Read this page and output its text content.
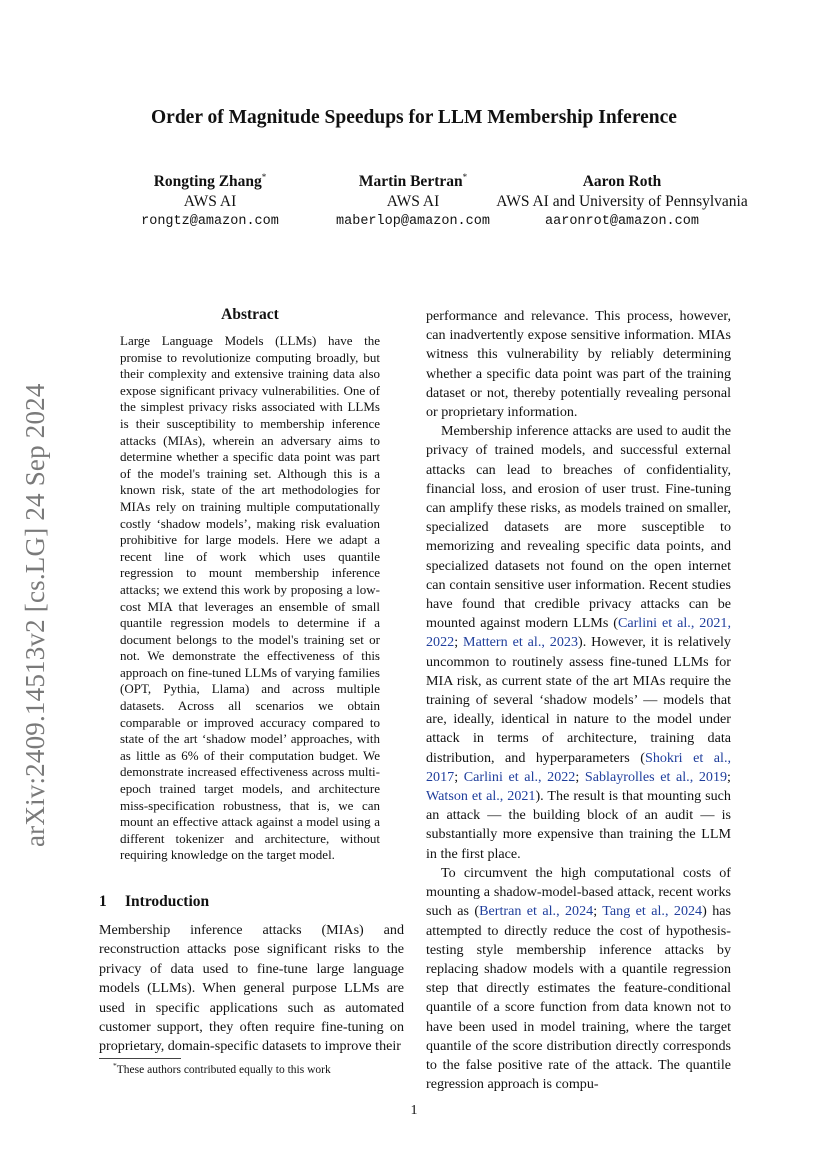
arXiv:2409.14513v2 [cs.LG] 24 Sep 2024
Order of Magnitude Speedups for LLM Membership Inference
Rongting Zhang*
AWS AI
rongtz@amazon.com
Martin Bertran*
AWS AI
maberlop@amazon.com
Aaron Roth
AWS AI and University of Pennsylvania
aaronrot@amazon.com
Abstract

Large Language Models (LLMs) have the promise to revolutionize computing broadly, but their complexity and extensive training data also expose significant privacy vulnerabilities. One of the simplest privacy risks associated with LLMs is their susceptibility to membership inference attacks (MIAs), wherein an adversary aims to determine whether a specific data point was part of the model's training set. Although this is a known risk, state of the art methodologies for MIAs rely on training multiple computationally costly ‘shadow models’, making risk evaluation prohibitive for large models. Here we adapt a recent line of work which uses quantile regression to mount membership inference attacks; we extend this work by proposing a low-cost MIA that leverages an ensemble of small quantile regression models to determine if a document belongs to the model's training set or not. We demonstrate the effectiveness of this approach on fine-tuned LLMs of varying families (OPT, Pythia, Llama) and across multiple datasets. Across all scenarios we obtain comparable or improved accuracy compared to state of the art ‘shadow model’ approaches, with as little as 6% of their computation budget. We demonstrate increased effectiveness across multi-epoch trained target models, and architecture miss-specification robustness, that is, we can mount an effective attack against a model using a different tokenizer and architecture, without requiring knowledge on the target model.

1 Introduction

Membership inference attacks (MIAs) and reconstruction attacks pose significant risks to the privacy of data used to fine-tune large language models (LLMs). When general purpose LLMs are used in specific applications such as automated customer support, they often require fine-tuning on proprietary, domain-specific datasets to improve their

*These authors contributed equally to this work

performance and relevance. This process, however, can inadvertently expose sensitive information. MIAs witness this vulnerability by reliably determining whether a specific data point was part of the training dataset or not, thereby potentially revealing personal or proprietary information.

Membership inference attacks are used to audit the privacy of trained models, and successful external attacks can lead to breaches of confidentiality, financial loss, and erosion of user trust. Fine-tuning can amplify these risks, as models trained on smaller, specialized datasets are more susceptible to memorizing and revealing specific data points, and specialized datasets not found on the open internet can contain sensitive user information. Recent studies have found that credible privacy attacks can be mounted against modern LLMs (Carlini et al., 2021, 2022; Mattern et al., 2023). However, it is relatively uncommon to routinely assess fine-tuned LLMs for MIA risk, as current state of the art MIAs require the training of several ‘shadow models’ — models that are, ideally, identical in nature to the model under attack in terms of architecture, training data distribution, and hyperparameters (Shokri et al., 2017; Carlini et al., 2022; Sablayrolles et al., 2019; Watson et al., 2021). The result is that mounting such an attack — the building block of an audit — is substantially more expensive than training the LLM in the first place.

To circumvent the high computational costs of mounting a shadow-model-based attack, recent works such as (Bertran et al., 2024; Tang et al., 2024) has attempted to directly reduce the cost of hypothesis-testing style membership inference attacks by replacing shadow models with a quantile regression step that directly estimates the feature-conditional quantile of a score function from data known not to have been used in model training, where the target quantile of the score distribution directly corresponds to the false positive rate of the attack. The quantile regression approach is compu-

1
